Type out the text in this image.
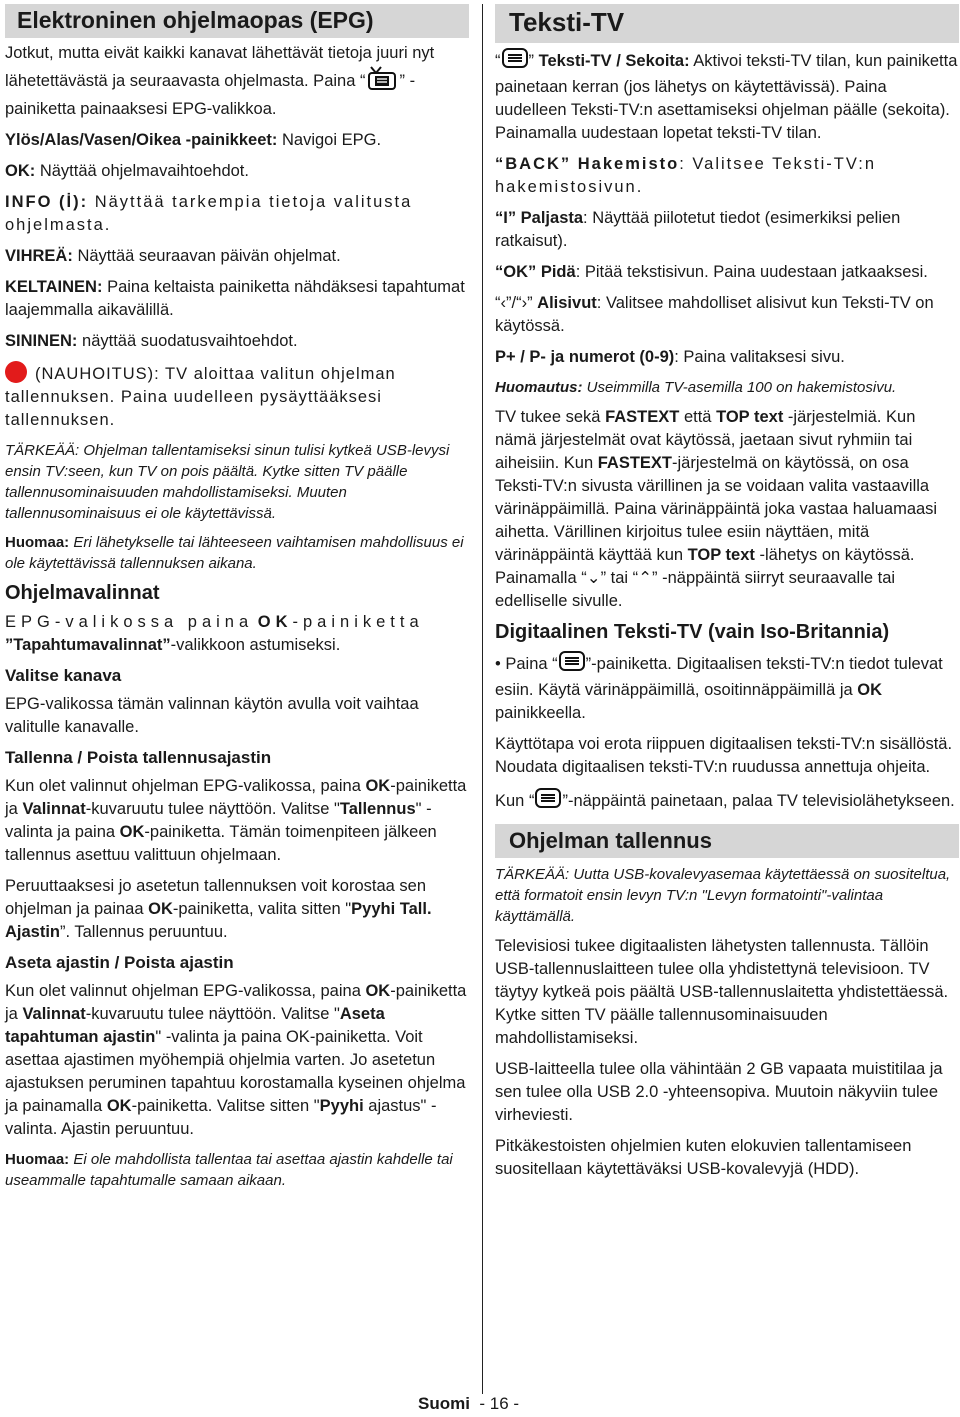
Elektroninen ohjelmaopas (EPG)

Jotkut, mutta eivät kaikki kanavat lähettävät tietoja juuri nyt lähetettävästä ja seuraavasta ohjelmasta. Paina “ ” -painiketta painaaksesi EPG-valikkoa.

Ylös/Alas/Vasen/Oikea -painikkeet: Navigoi EPG.

OK: Näyttää ohjelmavaihtoehdot.

INFO (İ): Näyttää tarkempia tietoja valitusta ohjelmasta.

VIHREÄ: Näyttää seuraavan päivän ohjelmat.

KELTAINEN: Paina keltaista painiketta nähdäksesi tapahtumat laajemmalla aikavälillä.

SININEN: näyttää suodatusvaihtoehdot.

(NAUHOITUS): TV aloittaa valitun ohjelman tallennuksen. Paina uudelleen pysäyttääksesi tallennuksen.

TÄRKEÄÄ: Ohjelman tallentamiseksi sinun tulisi kytkeä USB-levysi ensin TV:seen, kun TV on pois päältä. Kytke sitten TV päälle tallennusominaisuuden mahdollistamiseksi. Muuten tallennusominaisuus ei ole käytettävissä.

Huomaa: Eri lähetykselle tai lähteeseen vaihtamisen mahdollisuus ei ole käytettävissä tallennuksen aikana.

Ohjelmavalinnat

EPG-valikossa paina OK-painiketta ”Tapahtumavalinnat”-valikkoon astumiseksi.

Valitse kanava

EPG-valikossa tämän valinnan käytön avulla voit vaihtaa valitulle kanavalle.

Tallenna / Poista tallennusajastin

Kun olet valinnut ohjelman EPG-valikossa, paina OK-painiketta ja Valinnat-kuvaruutu tulee näyttöön. Valitse "Tallennus" -valinta ja paina OK-painiketta. Tämän toimenpiteen jälkeen tallennus asettuu valittuun ohjelmaan.

Peruuttaaksesi jo asetetun tallennuksen voit korostaa sen ohjelman ja painaa OK-painiketta, valita sitten "Pyyhi Tall. Ajastin”. Tallennus peruuntuu.

Aseta ajastin / Poista ajastin

Kun olet valinnut ohjelman EPG-valikossa, paina OK-painiketta ja Valinnat-kuvaruutu tulee näyttöön. Valitse "Aseta tapahtuman ajastin" -valinta ja paina OK-painiketta. Voit asettaa ajastimen myöhempiä ohjelmia varten. Jo asetetun ajastuksen peruminen tapahtuu korostamalla kyseinen ohjelma ja painamalla OK-painiketta. Valitse sitten "Pyyhi ajastus" -valinta. Ajastin peruuntuu.

Huomaa: Ei ole mahdollista tallentaa tai asettaa ajastin kahdelle tai useammalle tapahtumalle samaan aikaan.

Teksti-TV

“ ” Teksti-TV / Sekoita: Aktivoi teksti-TV tilan, kun painiketta painetaan kerran (jos lähetys on käytettävissä). Paina uudelleen Teksti-TV:n asettamiseksi ohjelman päälle (sekoita). Painamalla uudestaan lopetat teksti-TV tilan.

“BACK” Hakemisto: Valitsee Teksti-TV:n hakemistosivun.

“I” Paljasta: Näyttää piilotetut tiedot (esimerkiksi pelien ratkaisut).

“OK” Pidä: Pitää tekstisivun. Paina uudestaan jatkaaksesi.

“‹”/“›” Alisivut: Valitsee mahdolliset alisivut kun Teksti-TV on käytössä.

P+ / P- ja numerot (0-9): Paina valitaksesi sivu.

Huomautus: Useimmilla TV-asemilla 100 on hakemistosivu.

TV tukee sekä FASTEXT että TOP text -järjestelmiä. Kun nämä järjestelmät ovat käytössä, jaetaan sivut ryhmiin tai aiheisiin. Kun FASTEXT-järjestelmä on käytössä, on osa Teksti-TV:n sivusta värillinen ja se voidaan valita vastaavilla värinäppäimillä. Paina värinäppäintä joka vastaa haluamaasi aihetta. Värillinen kirjoitus tulee esiin näyttäen, mitä värinäppäintä käyttää kun TOP text -lähetys on käytössä. Painamalla “⌄” tai “⌃” -näppäintä siirryt seuraavalle tai edelliselle sivulle.

Digitaalinen Teksti-TV (vain Iso-Britannia)

• Paina “ ”-painiketta. Digitaalisen teksti-TV:n tiedot tulevat esiin. Käytä värinäppäimillä, osoitinnäppäimillä ja OK painikkeella.

Käyttötapa voi erota riippuen digitaalisen teksti-TV:n sisällöstä. Noudata digitaalisen teksti-TV:n ruudussa annettuja ohjeita.

Kun “ ”-näppäintä painetaan, palaa TV televisiolähetykseen.

Ohjelman tallennus

TÄRKEÄÄ: Uutta USB-kovalevyasemaa käytettäessä on suositeltua, että formatoit ensin levyn TV:n "Levyn formatointi"-valintaa käyttämällä.

Televisiosi tukee digitaalisten lähetysten tallennusta. Tällöin USB-tallennuslaitteen tulee olla yhdistettynä televisioon. TV täytyy kytkeä pois päältä USB-tallennuslaitetta yhdistettäessä. Kytke sitten TV päälle tallennusominaisuuden mahdollistamiseksi.

USB-laitteella tulee olla vähintään 2 GB vapaata muistitilaa ja sen tulee olla USB 2.0 -yhteensopiva. Muutoin näkyviin tulee virheviesti.

Pitkäkestoisten ohjelmien kuten elokuvien tallentamiseen suositellaan käytettäväksi USB-kovalevyjä (HDD).

Suomi - 16 -
